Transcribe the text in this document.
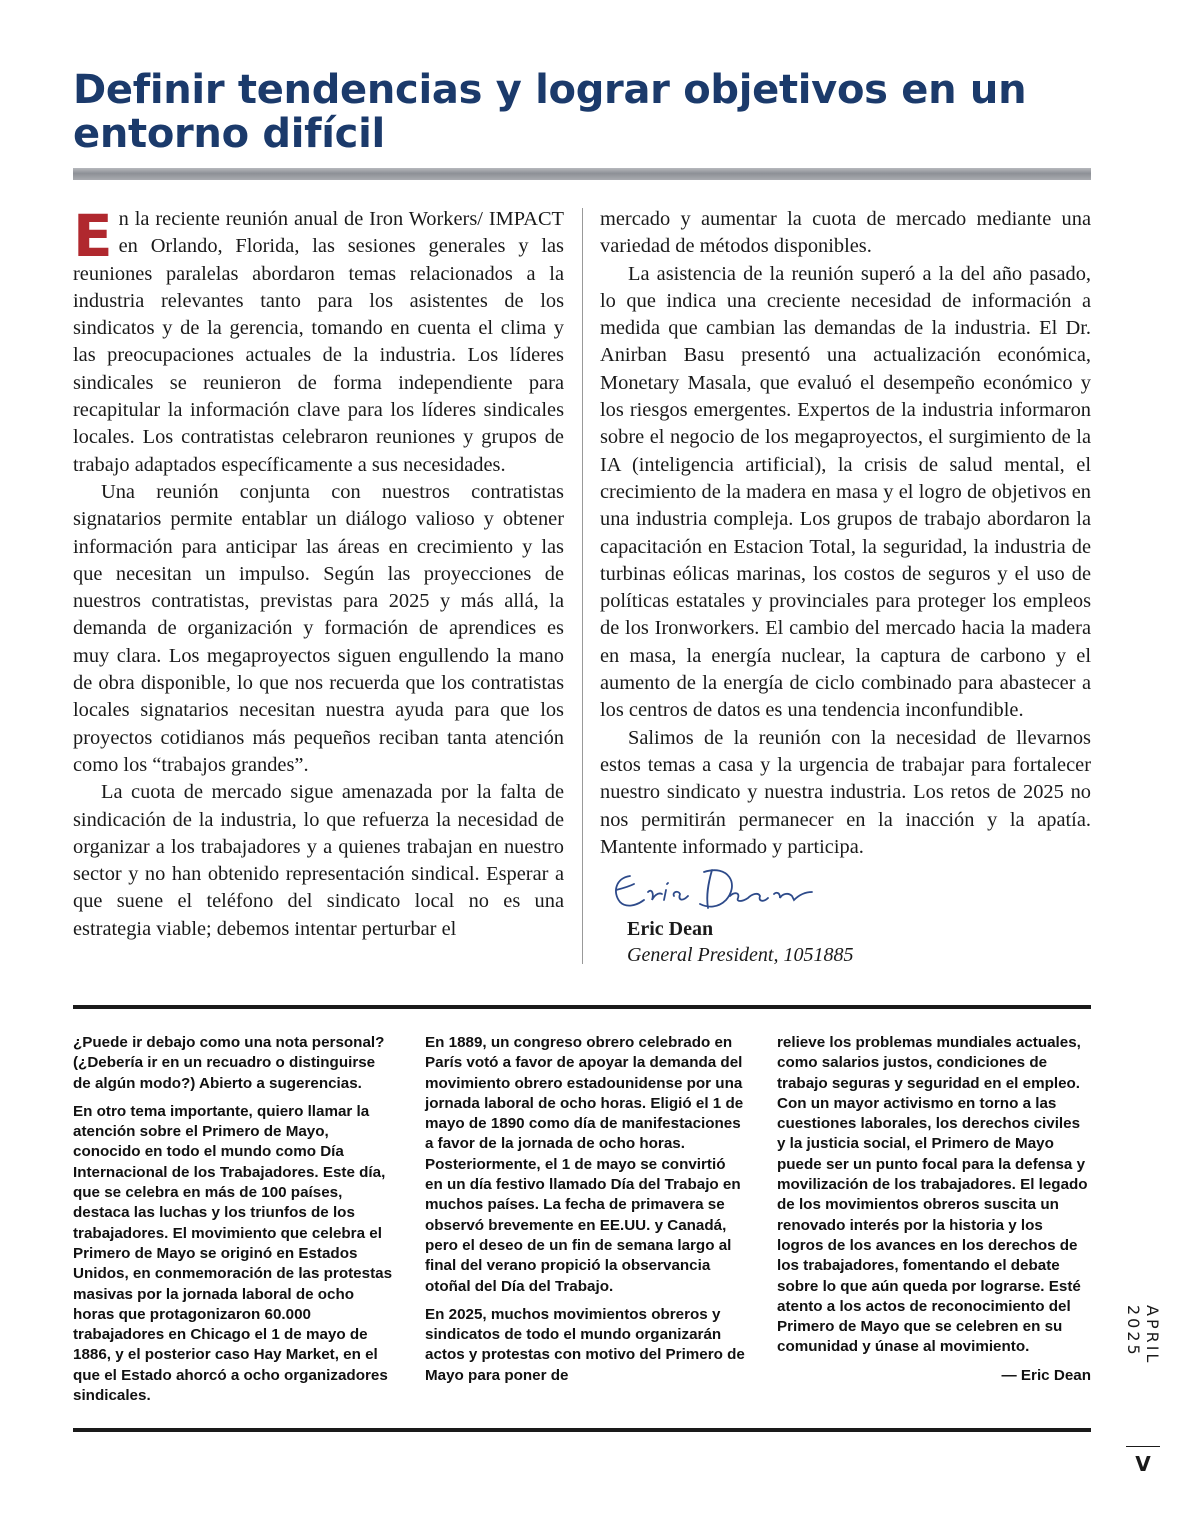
Definir tendencias y lograr objetivos en un entorno difícil

En la reciente reunión anual de Iron Workers/ IMPACT en Orlando, Florida, las sesiones generales y las reuniones paralelas abordaron temas relacionados a la industria relevantes tanto para los asistentes de los sindicatos y de la gerencia, tomando en cuenta el clima y las preocupaciones actuales de la industria. Los líderes sindicales se reunieron de forma independiente para recapitular la información clave para los líderes sindicales locales. Los contratistas celebraron reuniones y grupos de trabajo adaptados específicamente a sus necesidades.

Una reunión conjunta con nuestros contratistas signatarios permite entablar un diálogo valioso y obtener información para anticipar las áreas en crecimiento y las que necesitan un impulso. Según las proyecciones de nuestros contratistas, previstas para 2025 y más allá, la demanda de organización y formación de aprendices es muy clara. Los megaproyectos siguen engullendo la mano de obra disponible, lo que nos recuerda que los contratistas locales signatarios necesitan nuestra ayuda para que los proyectos cotidianos más pequeños reciban tanta atención como los “trabajos grandes”.

La cuota de mercado sigue amenazada por la falta de sindicación de la industria, lo que refuerza la necesidad de organizar a los trabajadores y a quienes trabajan en nuestro sector y no han obtenido representación sindical. Esperar a que suene el teléfono del sindicato local no es una estrategia viable; debemos intentar perturbar el

mercado y aumentar la cuota de mercado mediante una variedad de métodos disponibles.

La asistencia de la reunión superó a la del año pasado, lo que indica una creciente necesidad de información a medida que cambian las demandas de la industria. El Dr. Anirban Basu presentó una actualización económica, Monetary Masala, que evaluó el desempeño económico y los riesgos emergentes. Expertos de la industria informaron sobre el negocio de los megaproyectos, el surgimiento de la IA (inteligencia artificial), la crisis de salud mental, el crecimiento de la madera en masa y el logro de objetivos en una industria compleja. Los grupos de trabajo abordaron la capacitación en Estacion Total, la seguridad, la industria de turbinas eólicas marinas, los costos de seguros y el uso de políticas estatales y provinciales para proteger los empleos de los Ironworkers. El cambio del mercado hacia la madera en masa, la energía nuclear, la captura de carbono y el aumento de la energía de ciclo combinado para abastecer a los centros de datos es una tendencia inconfundible.

Salimos de la reunión con la necesidad de llevarnos estos temas a casa y la urgencia de trabajar para fortalecer nuestro sindicato y nuestra industria. Los retos de 2025 no nos permitirán permanecer en la inacción y la apatía. Mantente informado y participa.

Eric Dean
General President, 1051885

¿Puede ir debajo como una nota personal? (¿Debería ir en un recuadro o distinguirse de algún modo?) Abierto a sugerencias.

En otro tema importante, quiero llamar la atención sobre el Primero de Mayo, conocido en todo el mundo como Día Internacional de los Trabajadores. Este día, que se celebra en más de 100 países, destaca las luchas y los triunfos de los trabajadores. El movimiento que celebra el Primero de Mayo se originó en Estados Unidos, en conmemoración de las protestas masivas por la jornada laboral de ocho horas que protagonizaron 60.000 trabajadores en Chicago el 1 de mayo de 1886, y el posterior caso Hay Market, en el que el Estado ahorcó a ocho organizadores sindicales.

En 1889, un congreso obrero celebrado en París votó a favor de apoyar la demanda del movimiento obrero estadounidense por una jornada laboral de ocho horas. Eligió el 1 de mayo de 1890 como día de manifestaciones a favor de la jornada de ocho horas. Posteriormente, el 1 de mayo se convirtió en un día festivo llamado Día del Trabajo en muchos países. La fecha de primavera se observó brevemente en EE.UU. y Canadá, pero el deseo de un fin de semana largo al final del verano propició la observancia otoñal del Día del Trabajo.

En 2025, muchos movimientos obreros y sindicatos de todo el mundo organizarán actos y protestas con motivo del Primero de Mayo para poner de

relieve los problemas mundiales actuales, como salarios justos, condiciones de trabajo seguras y seguridad en el empleo. Con un mayor activismo en torno a las cuestiones laborales, los derechos civiles y la justicia social, el Primero de Mayo puede ser un punto focal para la defensa y movilización de los trabajadores. El legado de los movimientos obreros suscita un renovado interés por la historia y los logros de los avances en los derechos de los trabajadores, fomentando el debate sobre lo que aún queda por lograrse. Esté atento a los actos de reconocimiento del Primero de Mayo que se celebren en su comunidad y únase al movimiento.

— Eric Dean

APRIL 2025
V
